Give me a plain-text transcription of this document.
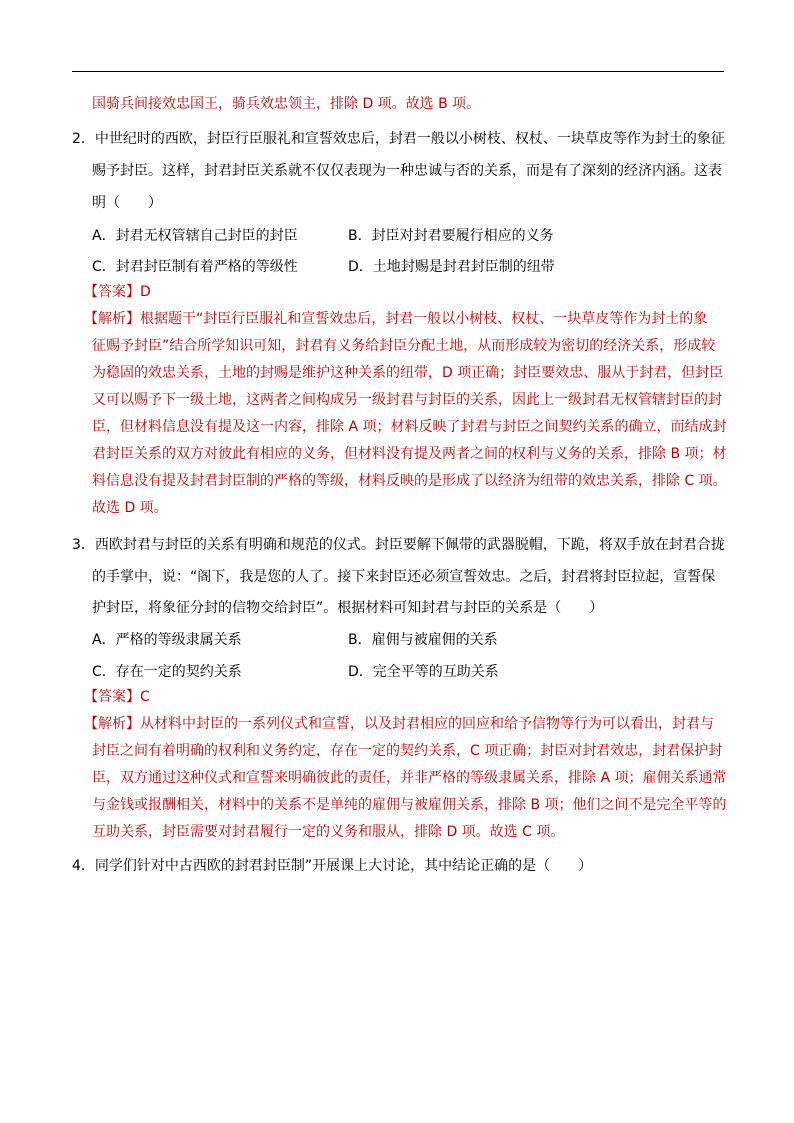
国骑兵间接效忠国王，骑兵效忠领主，排除 D 项。故选 B 项。
2．中世纪时的西欧，封臣行臣服礼和宣誓效忠后，封君一般以小树枝、权杖、一块草皮等作为封土的象征
赐予封臣。这样，封君封臣关系就不仅仅表现为一种忠诚与否的关系，而是有了深刻的经济内涵。这表
明（　　）
A．封君无权管辖自己封臣的封臣	B．封臣对封君要履行相应的义务
C．封君封臣制有着严格的等级性	D．土地封赐是封君封臣制的纽带
【答案】D
【解析】根据题干“封臣行臣服礼和宣誓效忠后，封君一般以小树枝、权杖、一块草皮等作为封土的象
征赐予封臣”结合所学知识可知，封君有义务给封臣分配土地，从而形成较为密切的经济关系，形成较
为稳固的效忠关系，土地的封赐是维护这种关系的纽带，D 项正确；封臣要效忠、服从于封君，但封臣
又可以赐予下一级土地，这两者之间构成另一级封君与封臣的关系，因此上一级封君无权管辖封臣的封
臣，但材料信息没有提及这一内容，排除 A 项；材料反映了封君与封臣之间契约关系的确立，而结成封
君封臣关系的双方对彼此有相应的义务，但材料没有提及两者之间的权利与义务的关系，排除 B 项；材
料信息没有提及封君封臣制的严格的等级，材料反映的是形成了以经济为纽带的效忠关系，排除 C 项。
故选 D 项。
3．西欧封君与封臣的关系有明确和规范的仪式。封臣要解下佩带的武器脱帽，下跪，将双手放在封君合拢
的手掌中，说：“阁下，我是您的人了。接下来封臣还必须宣誓效忠。之后，封君将封臣拉起，宣誓保
护封臣，将象征分封的信物交给封臣”。根据材料可知封君与封臣的关系是（　　）
A．严格的等级隶属关系	B．雇佣与被雇佣的关系
C．存在一定的契约关系	D．完全平等的互助关系
【答案】C
【解析】从材料中封臣的一系列仪式和宣誓，以及封君相应的回应和给予信物等行为可以看出，封君与
封臣之间有着明确的权利和义务约定，存在一定的契约关系，C 项正确；封臣对封君效忠，封君保护封
臣，双方通过这种仪式和宣誓来明确彼此的责任，并非严格的等级隶属关系，排除 A 项；雇佣关系通常
与金钱或报酬相关，材料中的关系不是单纯的雇佣与被雇佣关系，排除 B 项；他们之间不是完全平等的
互助关系，封臣需要对封君履行一定的义务和服从，排除 D 项。故选 C 项。
4．同学们针对中古西欧的封君封臣制”开展课上大讨论，其中结论正确的是（　　）
